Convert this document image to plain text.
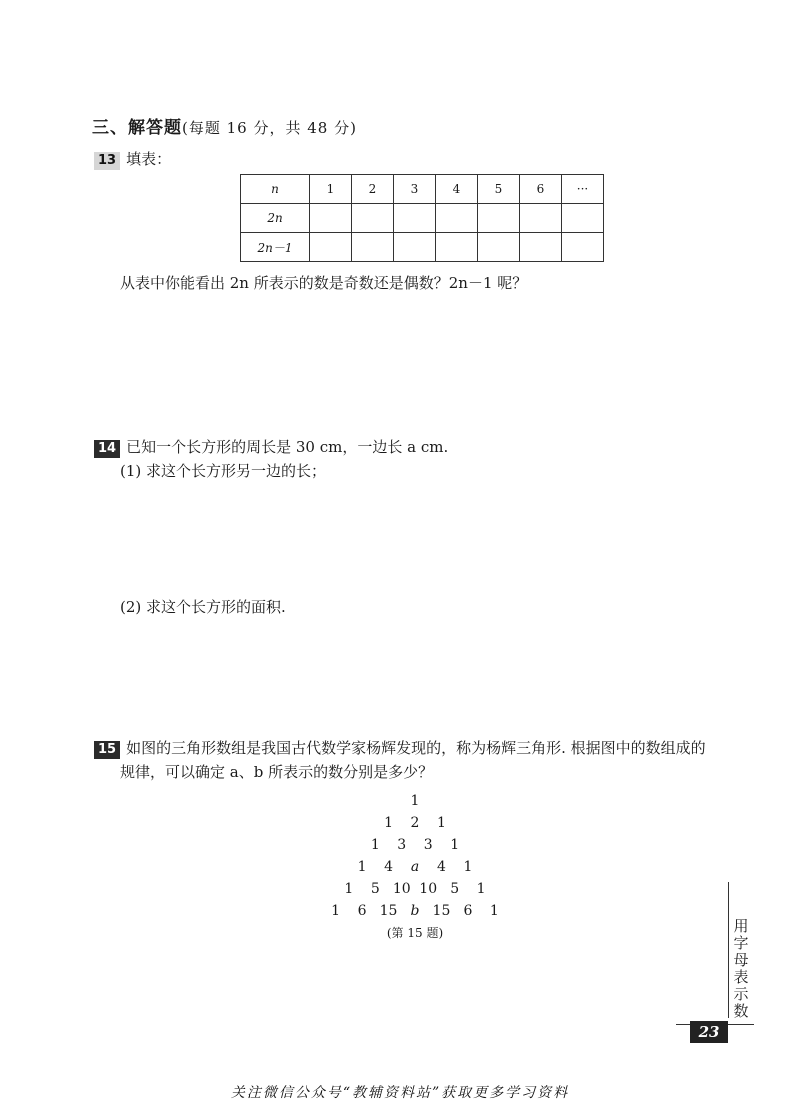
三、解答题(每题 16 分，共 48 分)
13 填表：
n	1	2	3	4	5	6	···
2n							
2n－1							
从表中你能看出 2n 所表示的数是奇数还是偶数？2n－1 呢？
14 已知一个长方形的周长是 30 cm，一边长 a cm.
(1) 求这个长方形另一边的长；
(2) 求这个长方形的面积.
15 如图的三角形数组是我国古代数学家杨辉发现的，称为杨辉三角形. 根据图中的数组成的
规律，可以确定 a、b 所表示的数分别是多少？
1
1 2 1
1 3 3 1
1 4 a 4 1
1 5 10 10 5 1
1 6 15 b 15 6 1
(第 15 题)	用字母表示数
23
关注微信公众号“教辅资料站”获取更多学习资料
